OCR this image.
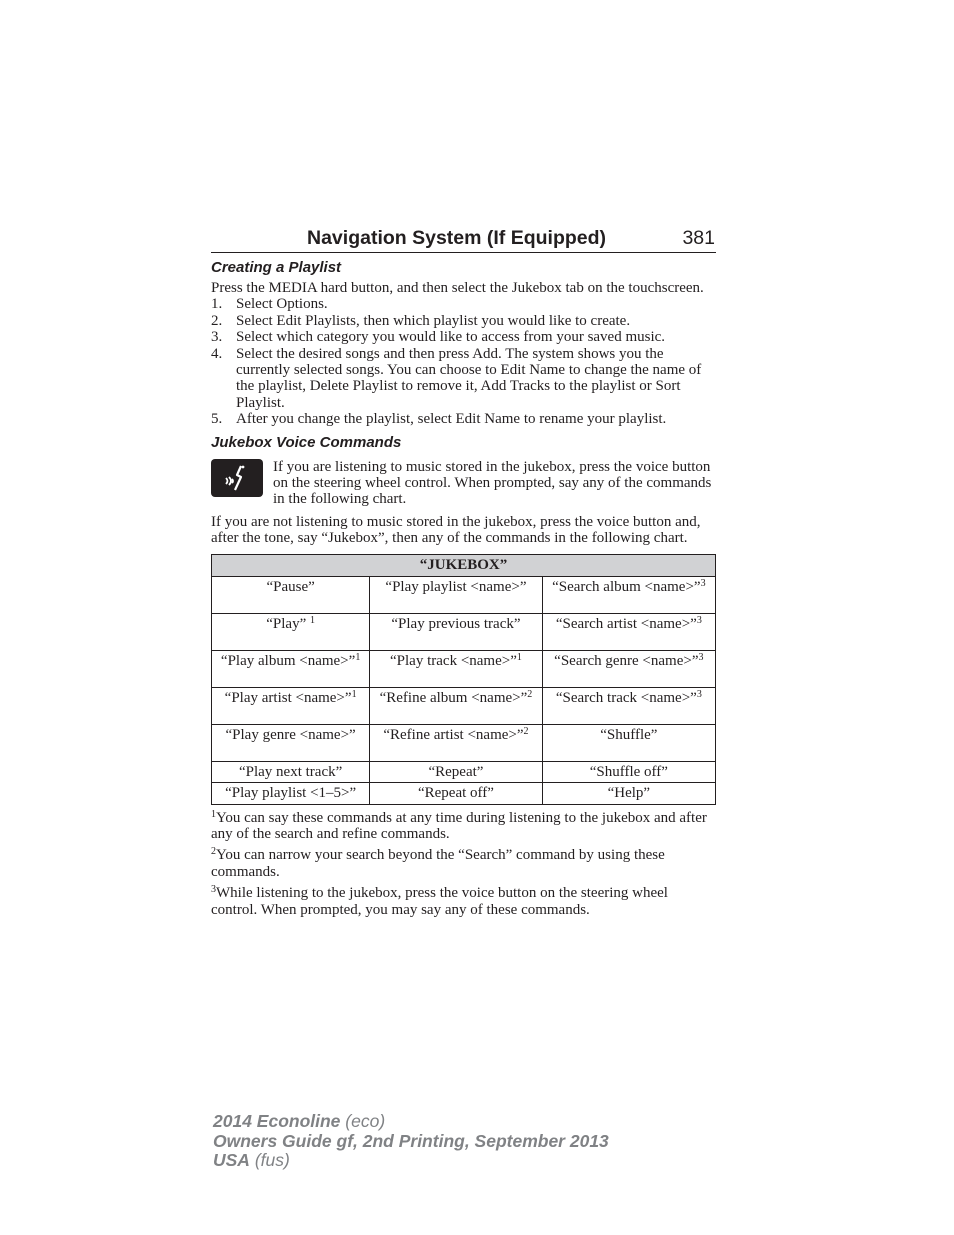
Navigation System (If Equipped)	381
Creating a Playlist

Press the MEDIA hard button, and then select the Jukebox tab on the touchscreen.

1. Select Options.
2. Select Edit Playlists, then which playlist you would like to create.
3. Select which category you would like to access from your saved music.
4. Select the desired songs and then press Add. The system shows you the currently selected songs. You can choose to Edit Name to change the name of the playlist, Delete Playlist to remove it, Add Tracks to the playlist or Sort Playlist.
5. After you change the playlist, select Edit Name to rename your playlist.
Jukebox Voice Commands

If you are listening to music stored in the jukebox, press the voice button on the steering wheel control. When prompted, say any of the commands in the following chart.

If you are not listening to music stored in the jukebox, press the voice button and, after the tone, say “Jukebox”, then any of the commands in the following chart.

“JUKEBOX”		
“Pause”	“Play playlist <name>”	“Search album <name>”$^3$
“Play” $^1$	“Play previous track”	“Search artist <name>”$^3$
“Play album <name>”$^1$	“Play track <name>”$^1$	“Search genre <name>”$^3$
“Play artist <name>”$^1$	“Refine album <name>”$^2$	“Search track <name>”$^3$
“Play genre <name>”	“Refine artist <name>”$^2$	“Shuffle”
“Play next track”	“Repeat”	“Shuffle off”
“Play playlist <1–5>”	“Repeat off”	“Help”
$^1$You can say these commands at any time during listening to the jukebox and after any of the search and refine commands.
$^2$You can narrow your search beyond the “Search” command by using these commands.
$^3$While listening to the jukebox, press the voice button on the steering wheel control. When prompted, you may say any of these commands.
2014 Econoline (eco)
Owners Guide gf, 2nd Printing, September 2013
USA (fus)
